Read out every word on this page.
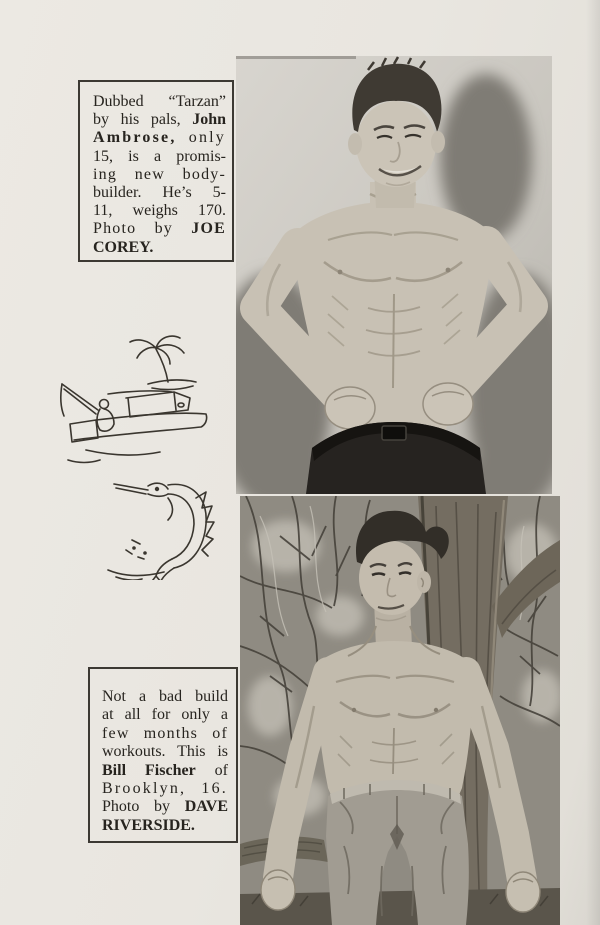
Dubbed “Tarzan”
by his pals, John
Ambrose, only
15, is a promis-
ing new body-
builder. He’s 5-
11, weighs 170.
Photo by JOE
COREY.
Not a bad build
at all for only a
few months of
workouts. This is
Bill Fischer of
Brooklyn, 16.
Photo by DAVE
RIVERSIDE.
